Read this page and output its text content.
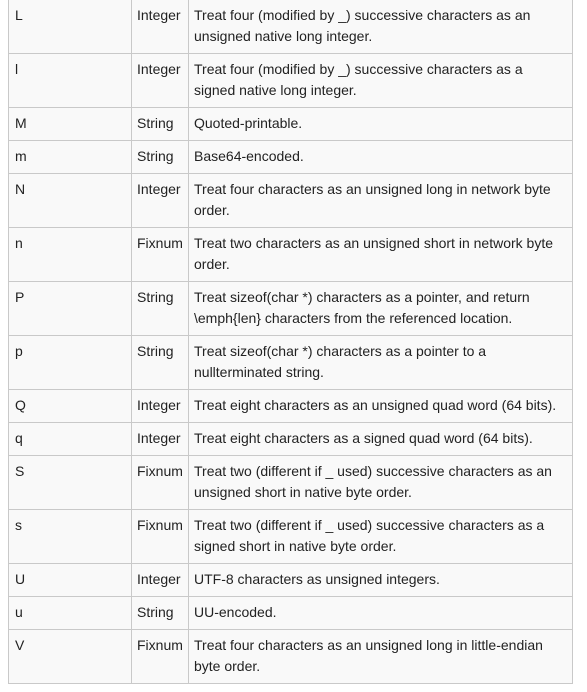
L	Integer	Treat four (modified by _) successive characters as an unsigned native long integer.
l	Integer	Treat four (modified by _) successive characters as a signed native long integer.
M	String	Quoted-printable.
m	String	Base64-encoded.
N	Integer	Treat four characters as an unsigned long in network byte order.
n	Fixnum	Treat two characters as an unsigned short in network byte order.
P	String	Treat sizeof(char *) characters as a pointer, and return \emph{len} characters from the referenced location.
p	String	Treat sizeof(char *) characters as a pointer to a nullterminated string.
Q	Integer	Treat eight characters as an unsigned quad word (64 bits).
q	Integer	Treat eight characters as a signed quad word (64 bits).
S	Fixnum	Treat two (different if _ used) successive characters as an unsigned short in native byte order.
s	Fixnum	Treat two (different if _ used) successive characters as a signed short in native byte order.
U	Integer	UTF-8 characters as unsigned integers.
u	String	UU-encoded.
V	Fixnum	Treat four characters as an unsigned long in little-endian byte order.
